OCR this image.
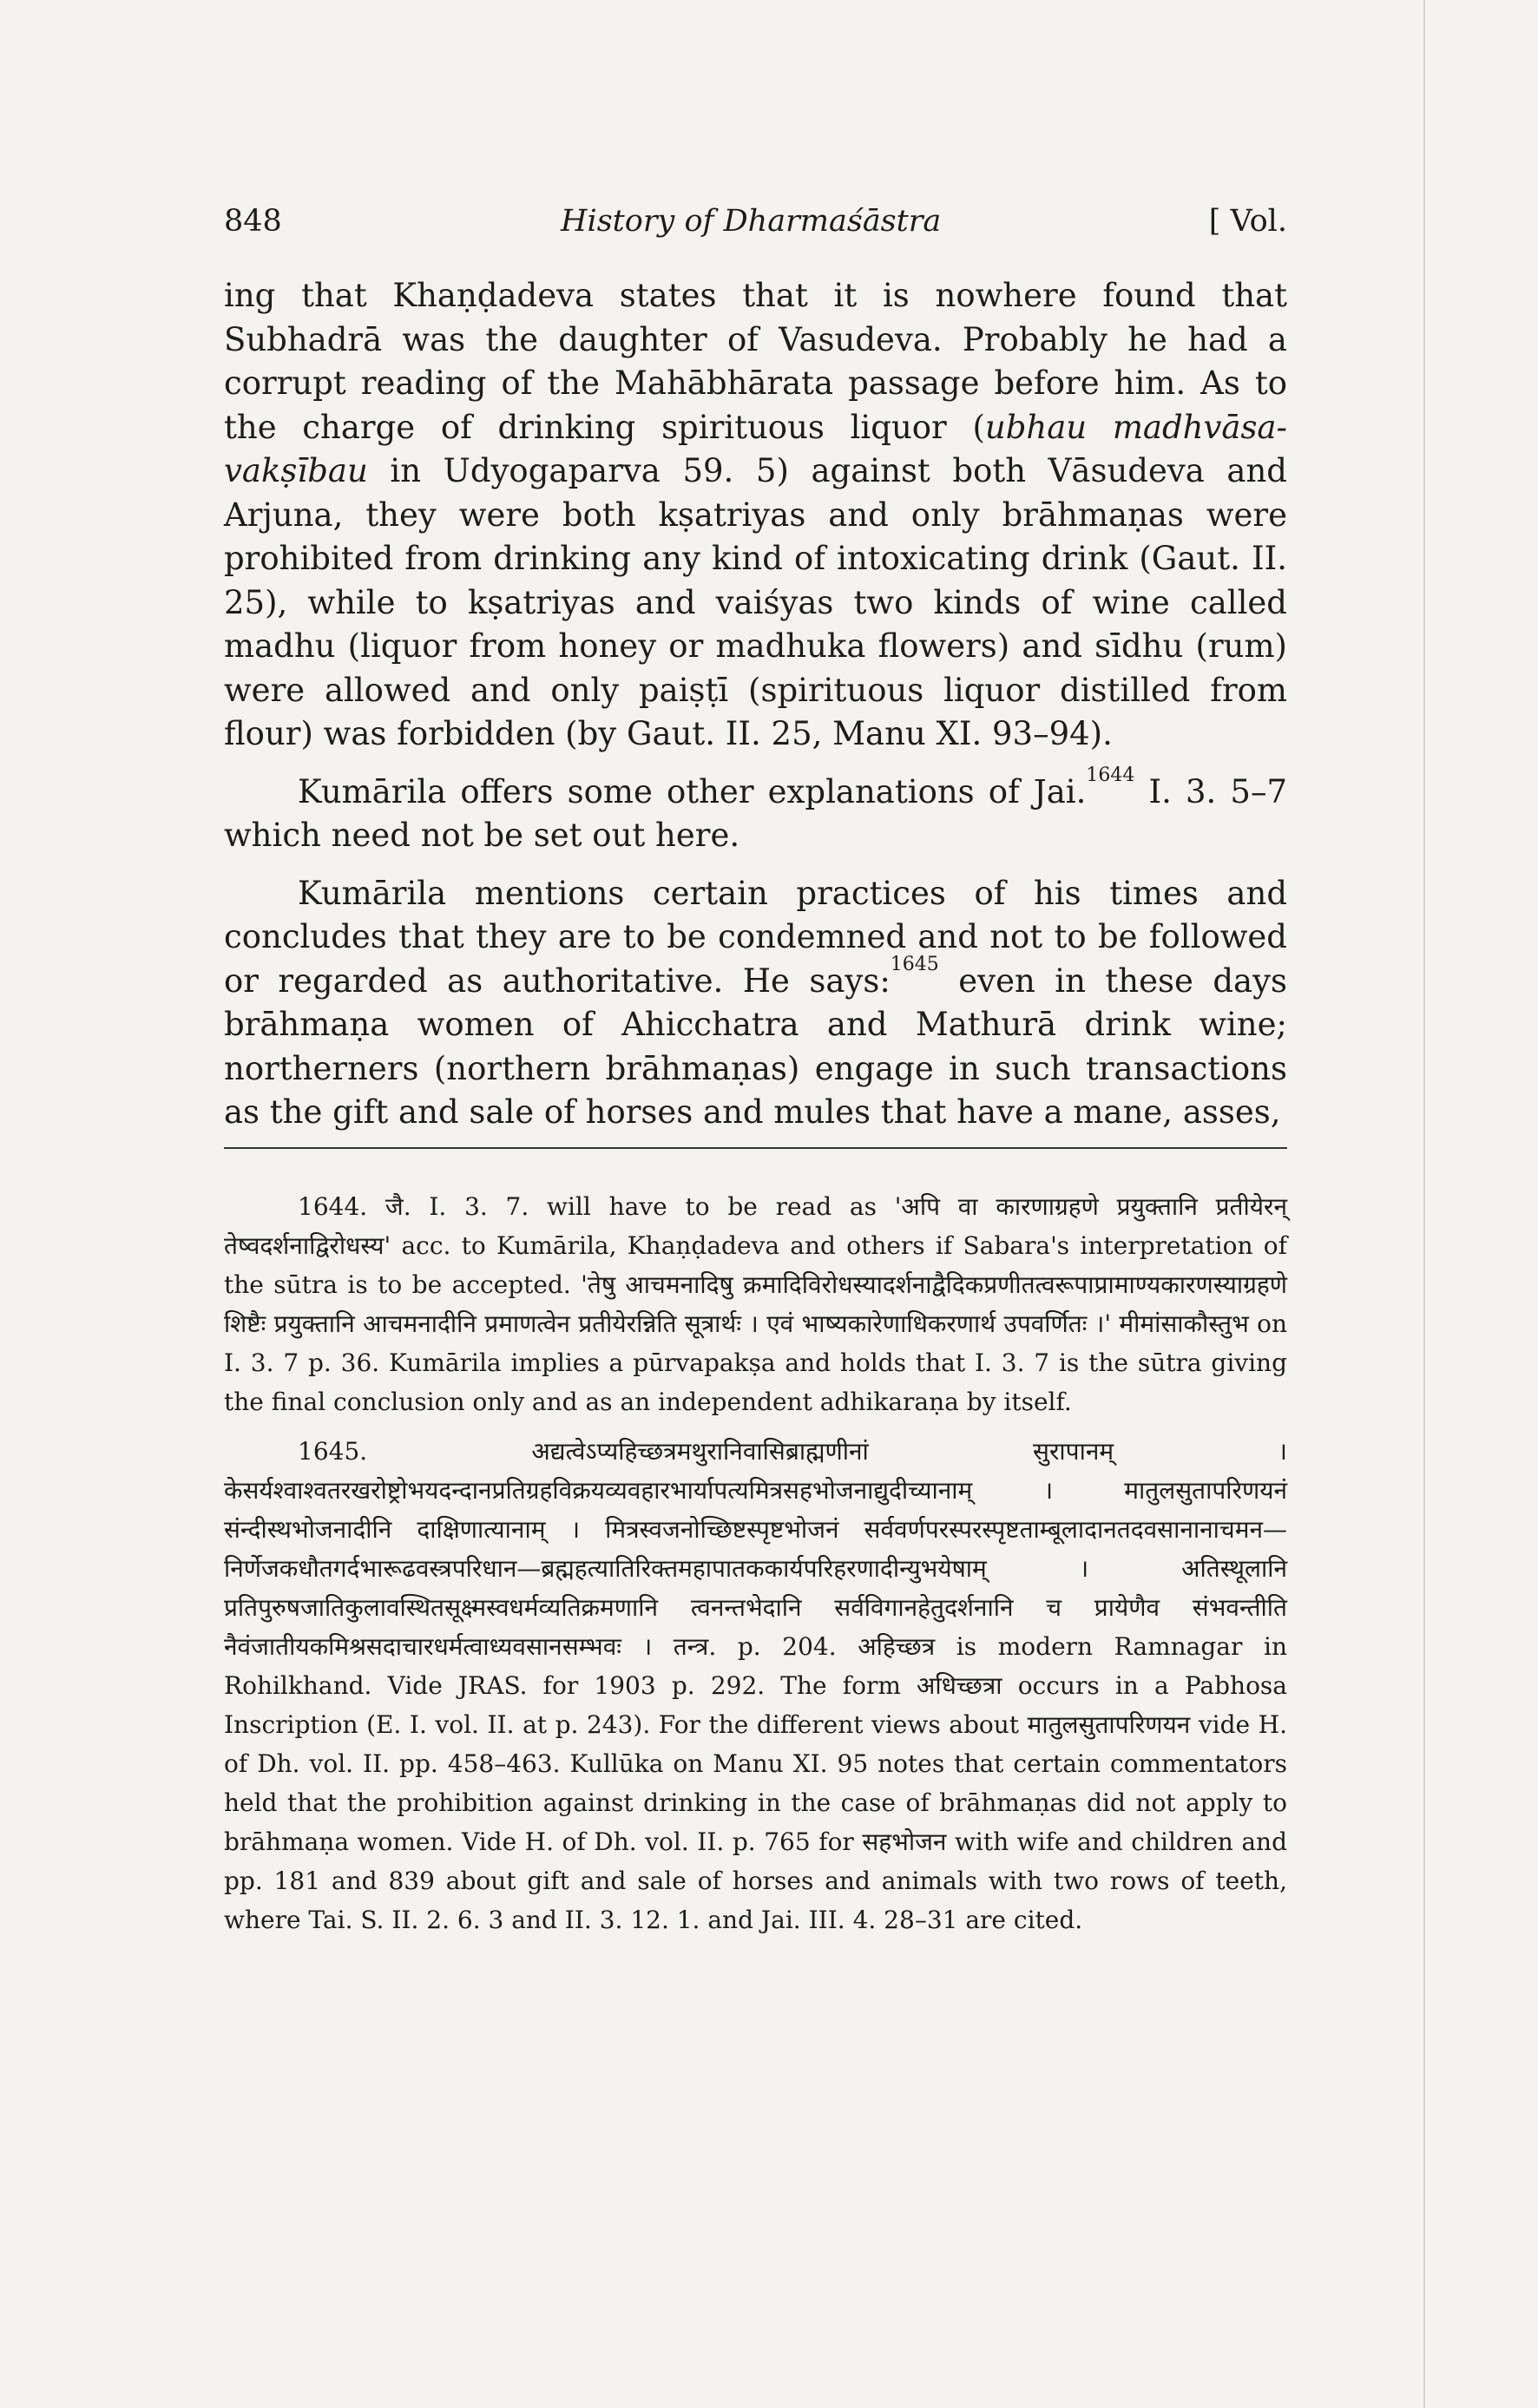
848	History of Dharmaśāstra	[ Vol.

ing that Khaṇḍadeva states that it is nowhere found that Subhadrā was the daughter of Vasudeva. Probably he had a corrupt reading of the Mahābhārata passage before him. As to the charge of drinking spirituous liquor (ubhau madhvāsa-vakṣībau in Udyogaparva 59. 5) against both Vāsudeva and Arjuna, they were both kṣatriyas and only brāhmaṇas were prohibited from drinking any kind of intoxicating drink (Gaut. II. 25), while to kṣatriyas and vaiśyas two kinds of wine called madhu (liquor from honey or madhuka flowers) and sīdhu (rum) were allowed and only paiṣṭī (spirituous liquor distilled from flour) was forbidden (by Gaut. II. 25, Manu XI. 93–94).

Kumārila offers some other explanations of Jai.$^{1644}$ I. 3. 5–7 which need not be set out here.

Kumārila mentions certain practices of his times and concludes that they are to be condemned and not to be followed or regarded as authoritative. He says:$^{1645}$ even in these days brāhmaṇa women of Ahicchatra and Mathurā drink wine; northerners (northern brāhmaṇas) engage in such transactions as the gift and sale of horses and mules that have a mane, asses,

1644. जै. I. 3. 7. will have to be read as 'अपि वा कारणाग्रहणे प्रयुक्तानि प्रतीयेरन् तेष्वदर्शनाद्विरोधस्य' acc. to Kumārila, Khaṇḍadeva and others if Sabara's interpretation of the sūtra is to be accepted. 'तेषु आचमनादिषु क्रमादिविरोधस्यादर्शनाद्वैदिकप्रणीतत्वरूपाप्रामाण्यकारणस्याग्रहणे शिष्टैः प्रयुक्तानि आचमनादीनि प्रमाणत्वेन प्रतीयेरन्निति सूत्रार्थः । एवं भाष्यकारेणाधिकरणार्थ उपवर्णितः ।' मीमांसाकौस्तुभ on I. 3. 7 p. 36. Kumārila implies a pūrvapakṣa and holds that I. 3. 7 is the sūtra giving the final conclusion only and as an independent adhikaraṇa by itself.

1645. अद्यत्वेऽप्यहिच्छत्रमथुरानिवासिब्राह्मणीनां सुरापानम् । केसर्यश्वाश्वतरखरोष्ट्रोभयदन्दानप्रतिग्रहविक्रयव्यवहारभार्यापत्यमित्रसहभोजनाद्युदीच्यानाम् । मातुलसुतापरिणयनं संन्दीस्थभोजनादीनि दाक्षिणात्यानाम् । मित्रस्वजनोच्छिष्टस्पृष्टभोजनं सर्ववर्णपरस्परस्पृष्टताम्बूलादानतदवसानानाचमन—निर्णेजकधौतगर्दभारूढवस्त्रपरिधान—ब्रह्महत्यातिरिक्तमहापातककार्यपरिहरणादीन्युभयेषाम् । अतिस्थूलानि प्रतिपुरुषजातिकुलावस्थितसूक्ष्मस्वधर्मव्यतिक्रमणानि त्वनन्तभेदानि सर्वविगानहेतुदर्शनानि च प्रायेणैव संभवन्तीति नैवंजातीयकमिश्रसदाचारधर्मत्वाध्यवसानसम्भवः । तन्त्र. p. 204. अहिच्छत्र is modern Ramnagar in Rohilkhand. Vide JRAS. for 1903 p. 292. The form अधिच्छत्रा occurs in a Pabhosa Inscription (E. I. vol. II. at p. 243). For the different views about मातुलसुतापरिणयन vide H. of Dh. vol. II. pp. 458–463. Kullūka on Manu XI. 95 notes that certain commentators held that the prohibition against drinking in the case of brāhmaṇas did not apply to brāhmaṇa women. Vide H. of Dh. vol. II. p. 765 for सहभोजन with wife and children and pp. 181 and 839 about gift and sale of horses and animals with two rows of teeth, where Tai. S. II. 2. 6. 3 and II. 3. 12. 1. and Jai. III. 4. 28–31 are cited.
